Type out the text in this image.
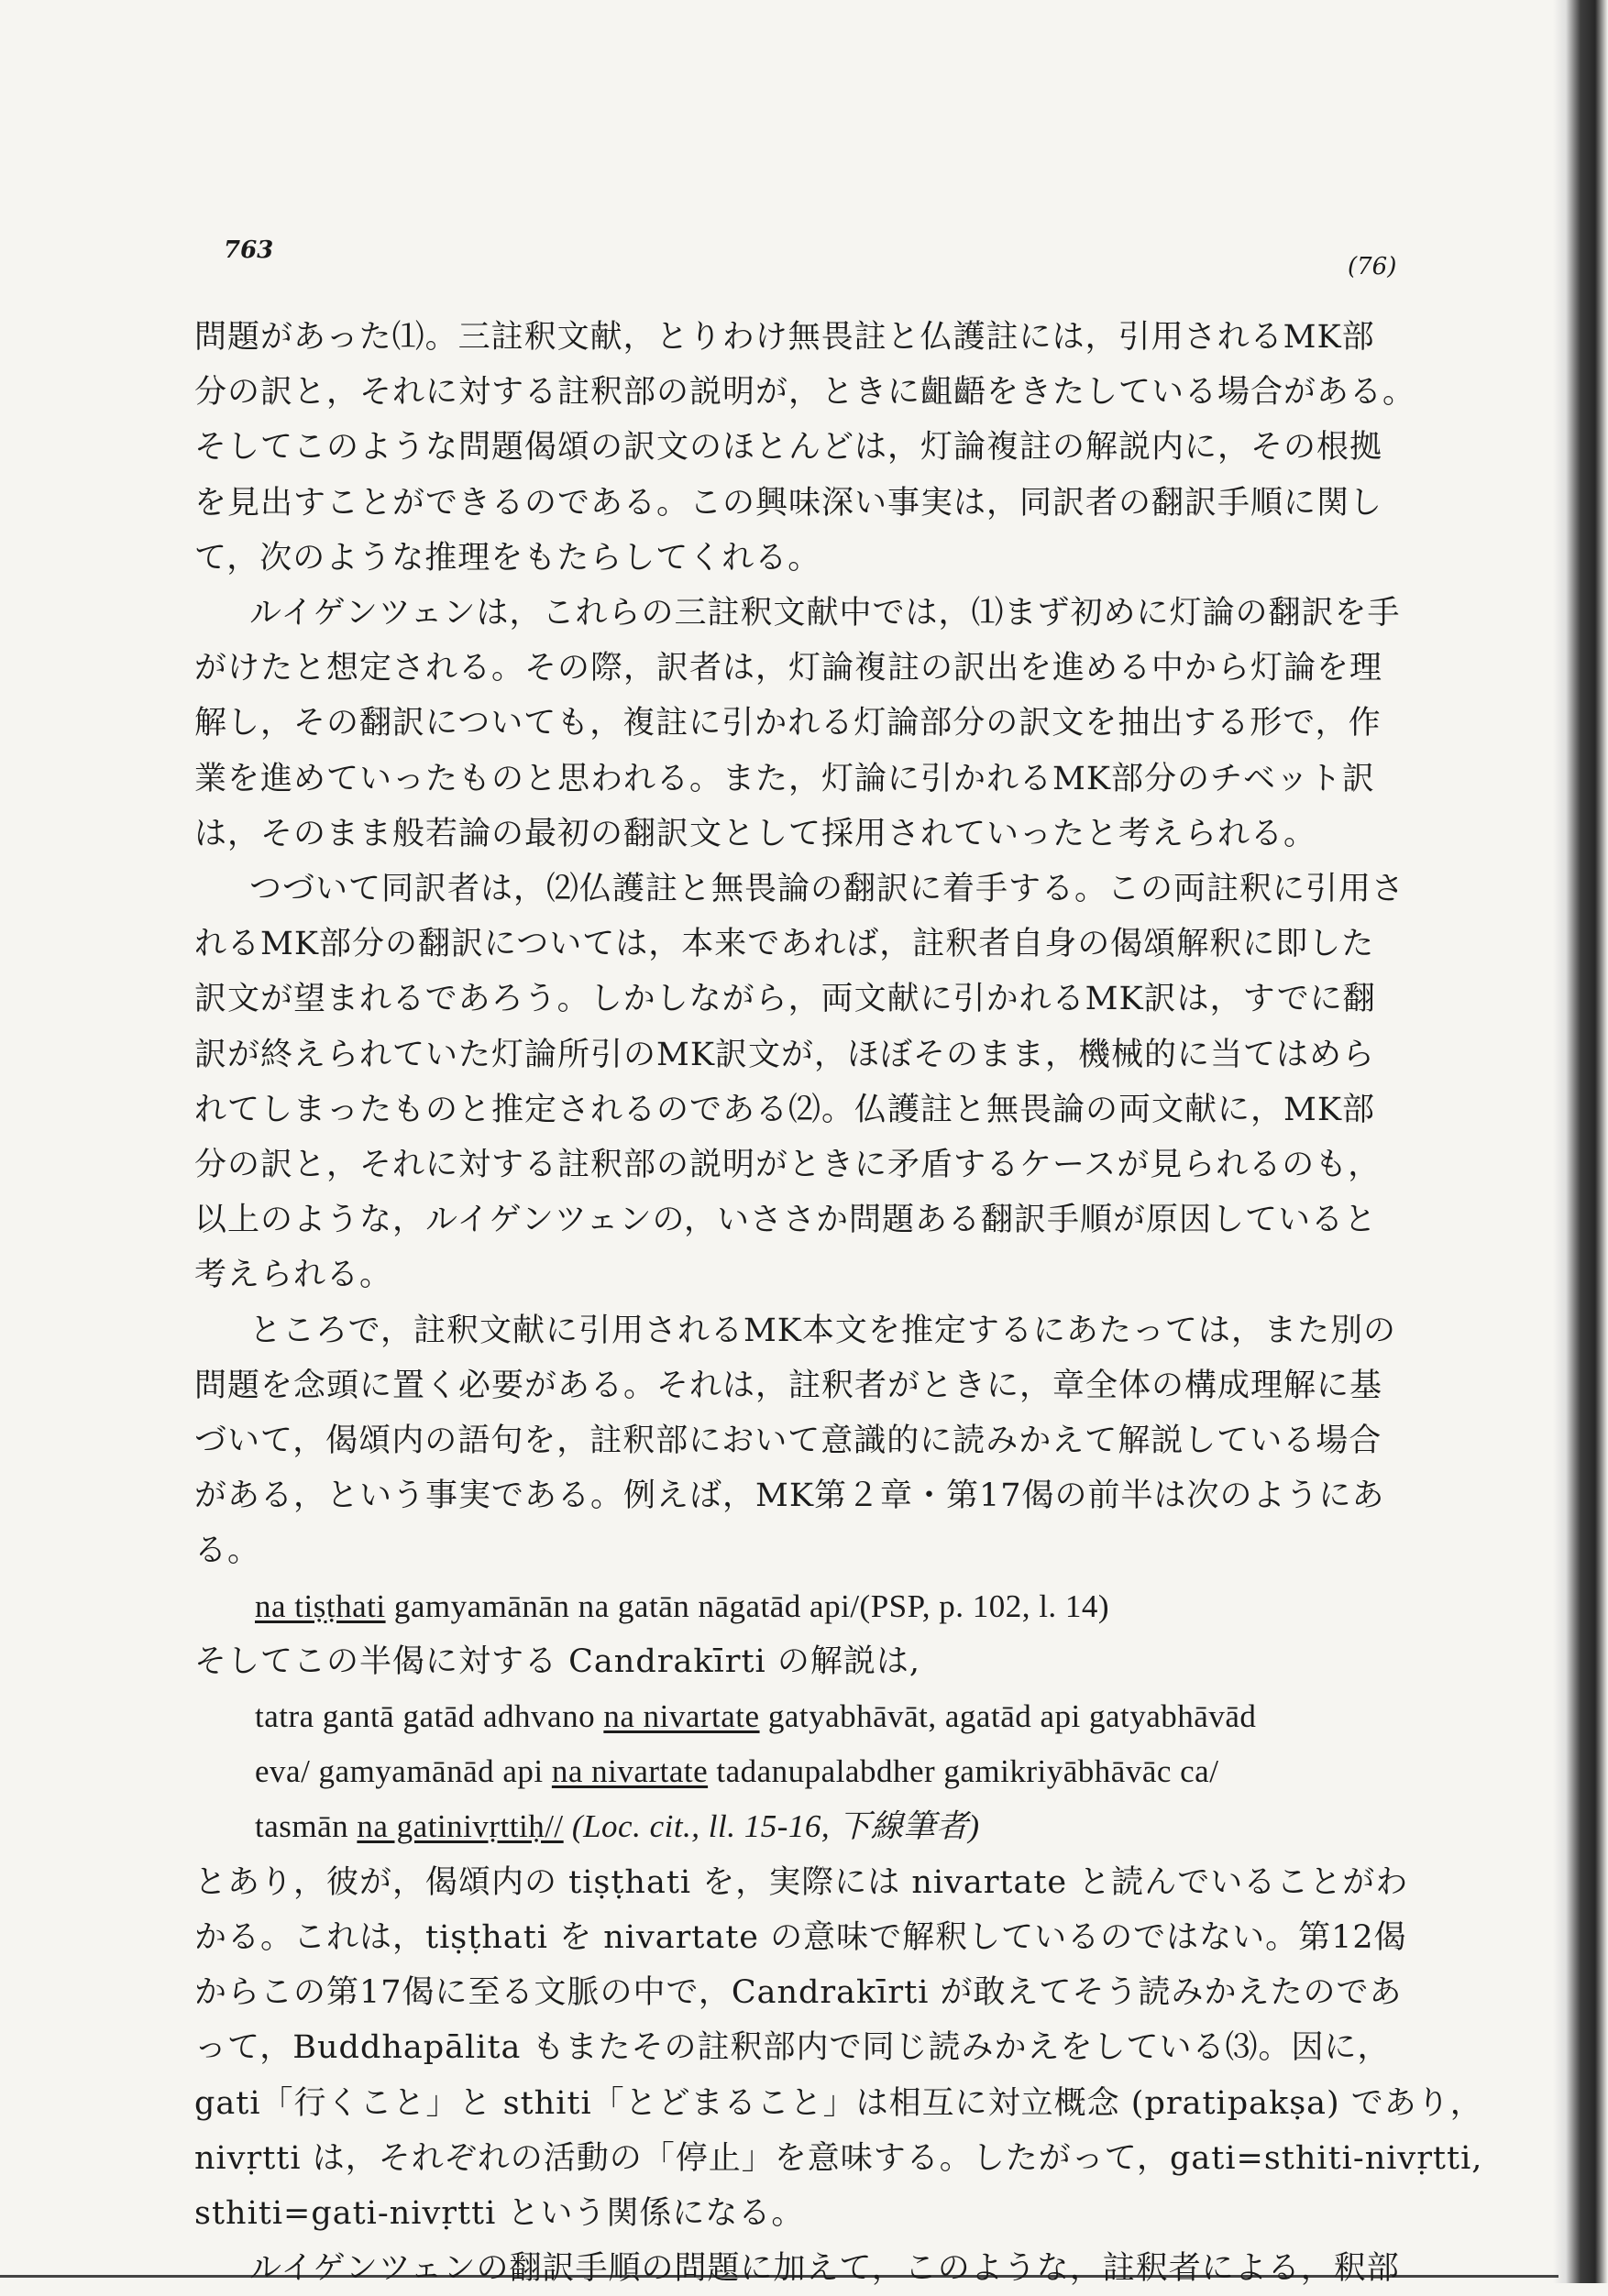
763
(76)

問題があった⑴。三註釈文献，とりわけ無畏註と仏護註には，引用されるMK部

分の訳と，それに対する註釈部の説明が，ときに齟齬をきたしている場合がある。

そしてこのような問題偈頌の訳文のほとんどは，灯論複註の解説内に，その根拠

を見出すことができるのである。この興味深い事実は，同訳者の翻訳手順に関し

て，次のような推理をもたらしてくれる。

ルイゲンツェンは，これらの三註釈文献中では，⑴まず初めに灯論の翻訳を手

がけたと想定される。その際，訳者は，灯論複註の訳出を進める中から灯論を理

解し，その翻訳についても，複註に引かれる灯論部分の訳文を抽出する形で，作

業を進めていったものと思われる。また，灯論に引かれるMK部分のチベット訳

は，そのまま般若論の最初の翻訳文として採用されていったと考えられる。

つづいて同訳者は，⑵仏護註と無畏論の翻訳に着手する。この両註釈に引用さ

れるMK部分の翻訳については，本来であれば，註釈者自身の偈頌解釈に即した

訳文が望まれるであろう。しかしながら，両文献に引かれるMK訳は，すでに翻

訳が終えられていた灯論所引のMK訳文が，ほぼそのまま，機械的に当てはめら

れてしまったものと推定されるのである⑵。仏護註と無畏論の両文献に，MK部

分の訳と，それに対する註釈部の説明がときに矛盾するケースが見られるのも，

以上のような，ルイゲンツェンの，いささか問題ある翻訳手順が原因していると

考えられる。

ところで，註釈文献に引用されるMK本文を推定するにあたっては，また別の

問題を念頭に置く必要がある。それは，註釈者がときに，章全体の構成理解に基

づいて，偈頌内の語句を，註釈部において意識的に読みかえて解説している場合

がある，という事実である。例えば，MK第２章・第17偈の前半は次のようにあ

る。

na tiṣṭhati gamyamānān na gatān nāgatād api/(PSP, p. 102, l. 14)

そしてこの半偈に対する Candrakīrti の解説は,

tatra gantā gatād adhvano na nivartate gatyabhāvāt, agatād api gatyabhāvād

eva/ gamyamānād api na nivartate tadanupalabdher gamikriyābhāvāc ca/

tasmān na gatinivṛttiḥ// (Loc. cit., ll. 15-16, 下線筆者)

とあり，彼が，偈頌内の tiṣṭhati を，実際には nivartate と読んでいることがわ

かる。これは，tiṣṭhati を nivartate の意味で解釈しているのではない。第12偈

からこの第17偈に至る文脈の中で，Candrakīrti が敢えてそう読みかえたのであ

って，Buddhapālita もまたその註釈部内で同じ読みかえをしている⑶。因に，

gati「行くこと」と sthiti「とどまること」は相互に対立概念 (pratipakṣa) であり，

nivṛtti は，それぞれの活動の「停止」を意味する。したがって，gati=sthiti-nivṛtti,

sthiti=gati-nivṛtti という関係になる。

ルイゲンツェンの翻訳手順の問題に加えて，このような，註釈者による，釈部
